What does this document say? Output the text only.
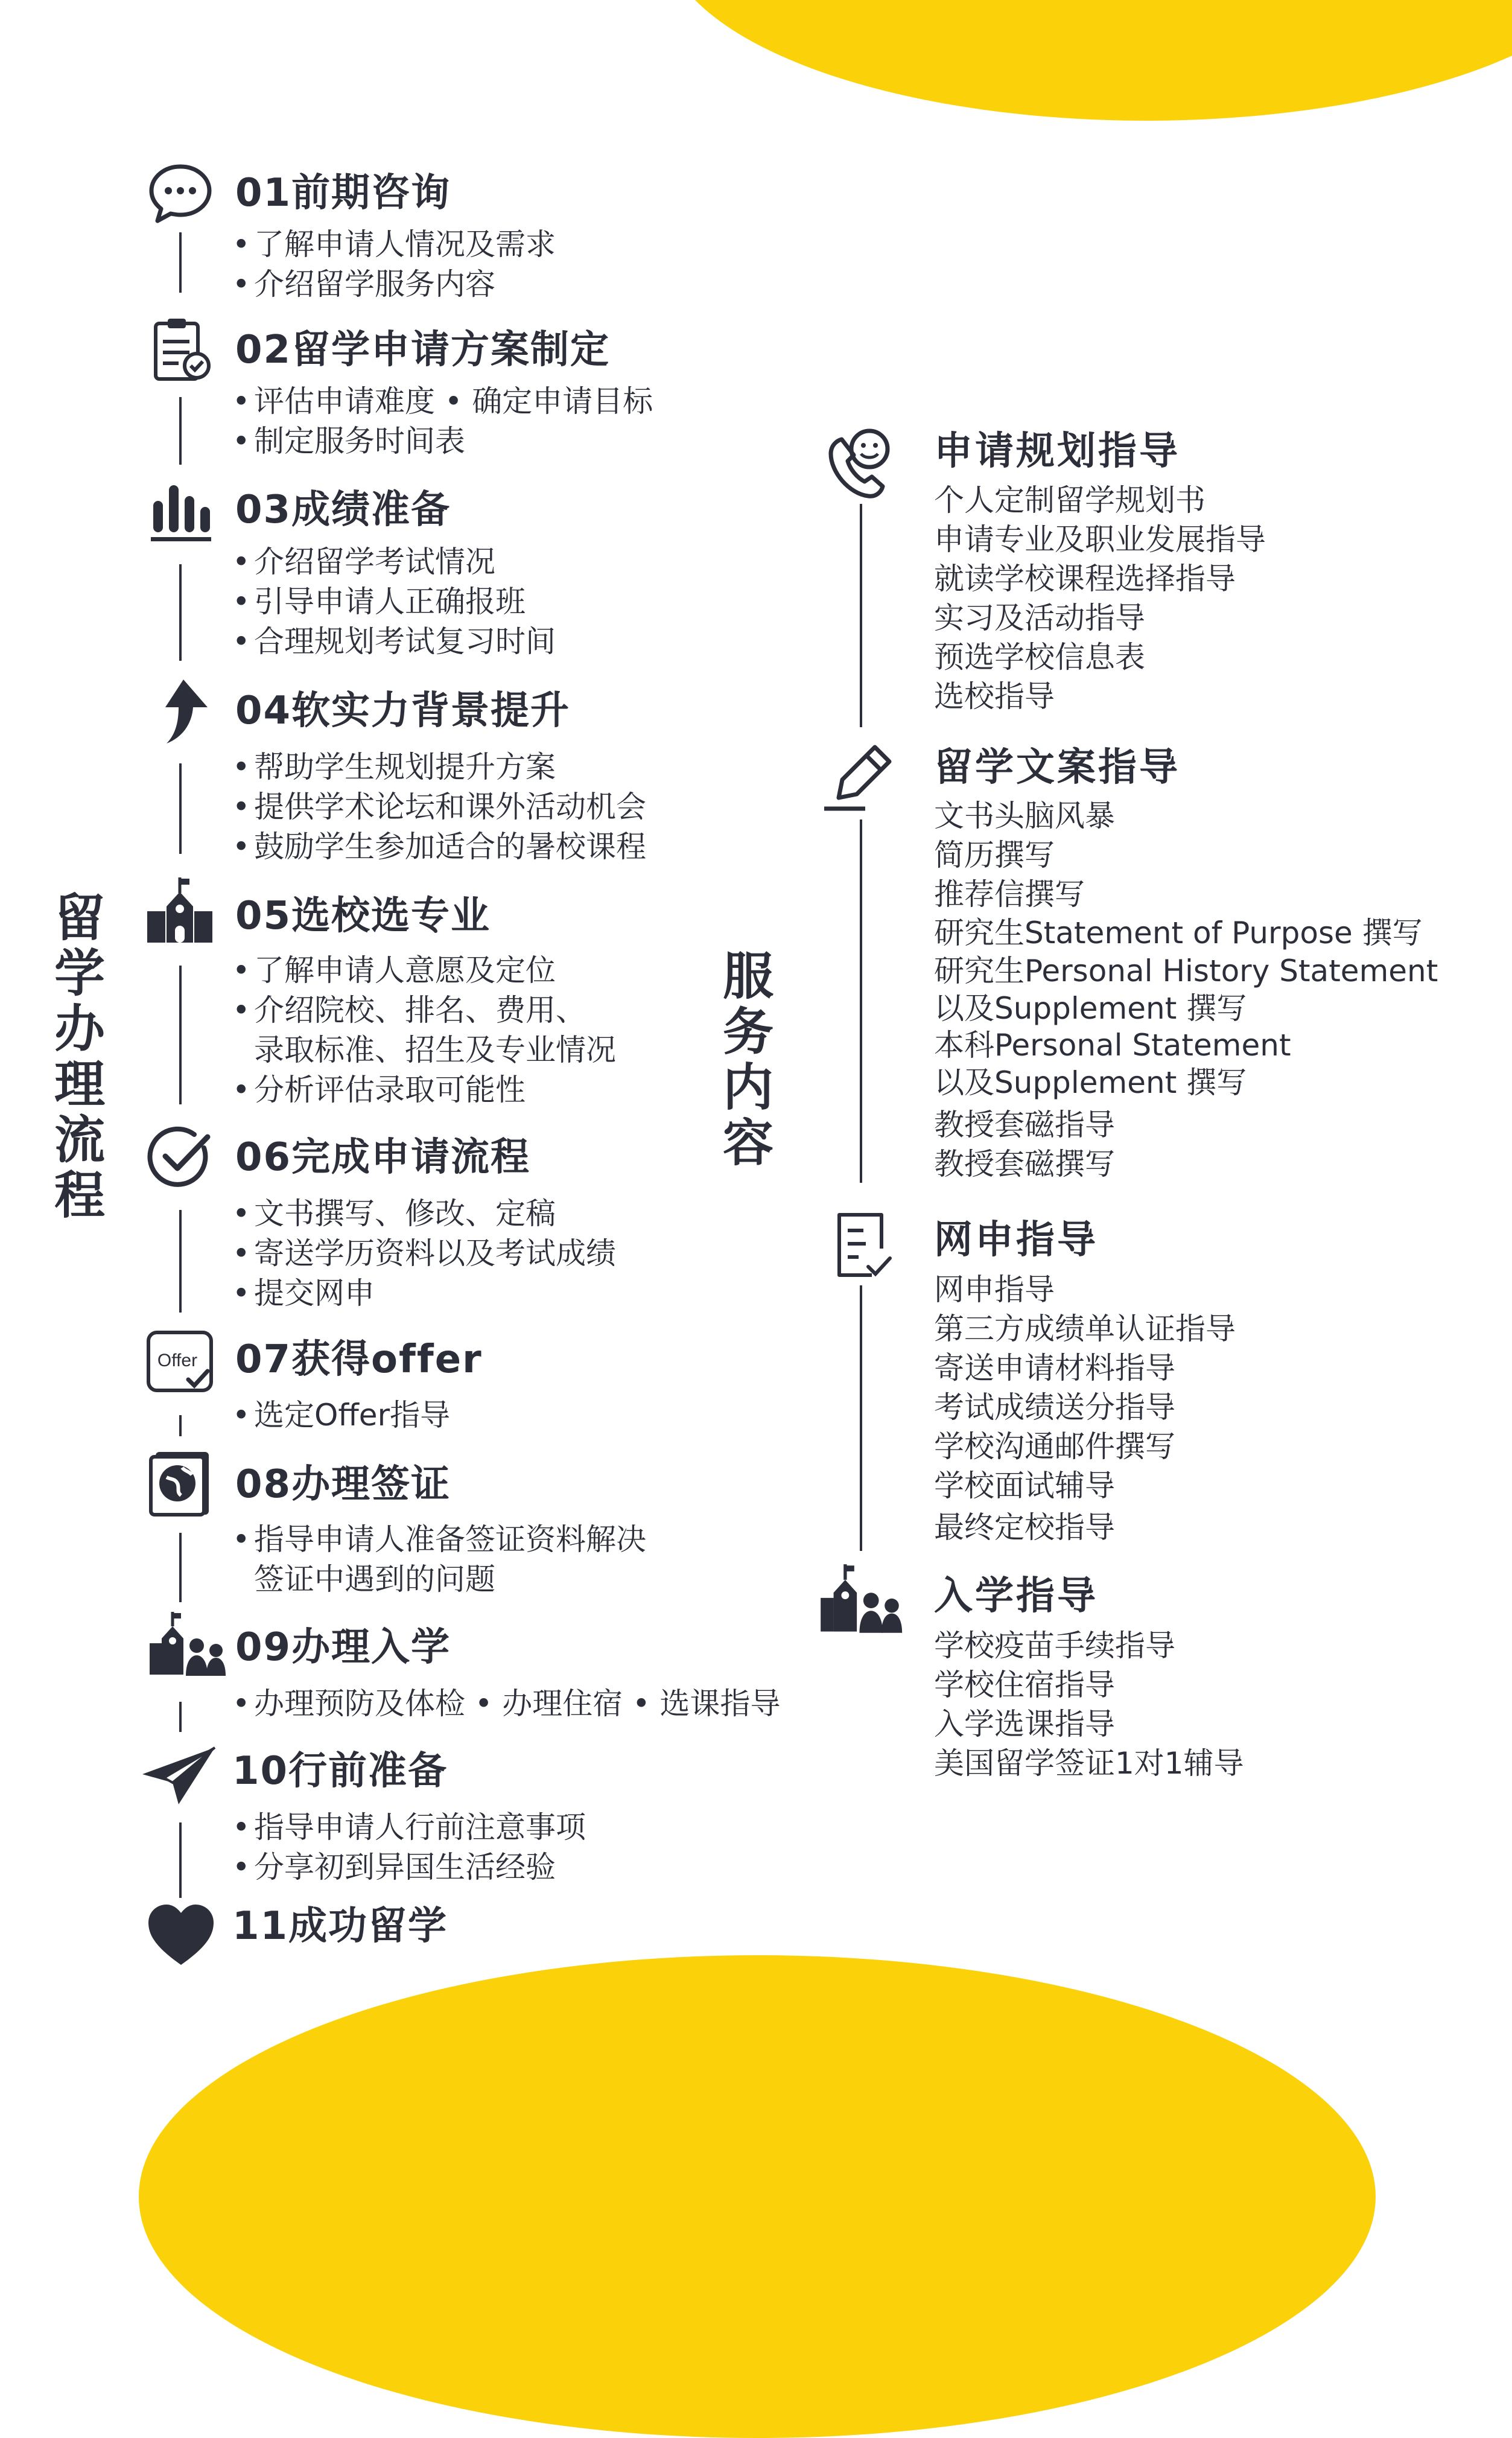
留学办理流程
01前期咨询
• 了解申请人情况及需求
• 介绍留学服务内容
02留学申请方案制定
• 评估申请难度 • 确定申请目标
• 制定服务时间表
03成绩准备
• 介绍留学考试情况
• 引导申请人正确报班
• 合理规划考试复习时间
04软实力背景提升
• 帮助学生规划提升方案
• 提供学术论坛和课外活动机会
• 鼓励学生参加适合的暑校课程
05选校选专业
• 了解申请人意愿及定位
• 介绍院校、排名、费用、
录取标准、招生及专业情况
• 分析评估录取可能性
06完成申请流程
• 文书撰写、修改、定稿
• 寄送学历资料以及考试成绩
• 提交网申
Offer 07获得offer
• 选定Offer指导
08办理签证
• 指导申请人准备签证资料解决
签证中遇到的问题
09办理入学
• 办理预防及体检 • 办理住宿 • 选课指导
10行前准备
• 指导申请人行前注意事项
• 分享初到异国生活经验
11成功留学
服务内容
申请规划指导
个人定制留学规划书
申请专业及职业发展指导
就读学校课程选择指导
实习及活动指导
预选学校信息表
选校指导
留学文案指导
文书头脑风暴
简历撰写
推荐信撰写
研究生Statement of Purpose 撰写
研究生Personal History Statement
以及Supplement 撰写
本科Personal Statement
以及Supplement 撰写
教授套磁指导
教授套磁撰写
网申指导
网申指导
第三方成绩单认证指导
寄送申请材料指导
考试成绩送分指导
学校沟通邮件撰写
学校面试辅导
最终定校指导
入学指导
学校疫苗手续指导
学校住宿指导
入学选课指导
美国留学签证1对1辅导
